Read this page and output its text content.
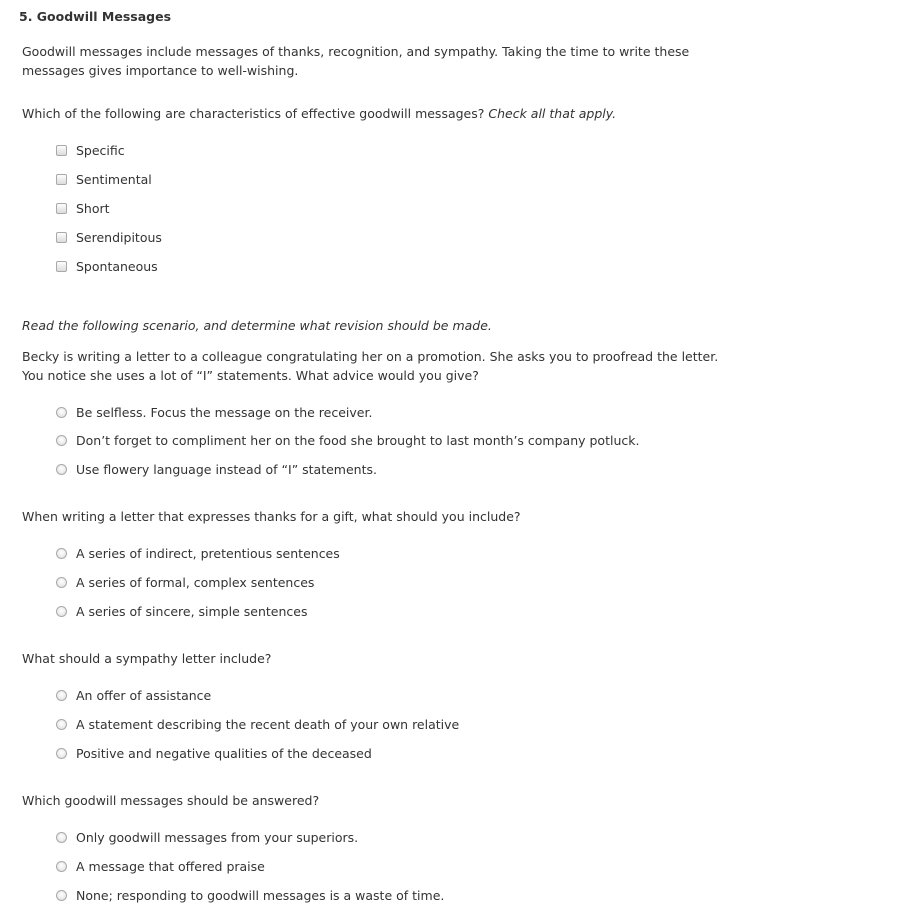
5. Goodwill Messages

Goodwill messages include messages of thanks, recognition, and sympathy. Taking the time to write these messages gives importance to well-wishing.

Which of the following are characteristics of effective goodwill messages? Check all that apply.

Specific
Sentimental
Short
Serendipitous
Spontaneous

Read the following scenario, and determine what revision should be made.

Becky is writing a letter to a colleague congratulating her on a promotion. She asks you to proofread the letter. You notice she uses a lot of “I” statements. What advice would you give?

Be selfless. Focus the message on the receiver.
Don’t forget to compliment her on the food she brought to last month’s company potluck.
Use flowery language instead of “I” statements.

When writing a letter that expresses thanks for a gift, what should you include?

A series of indirect, pretentious sentences
A series of formal, complex sentences
A series of sincere, simple sentences

What should a sympathy letter include?

An offer of assistance
A statement describing the recent death of your own relative
Positive and negative qualities of the deceased

Which goodwill messages should be answered?

Only goodwill messages from your superiors.
A message that offered praise
None; responding to goodwill messages is a waste of time.
